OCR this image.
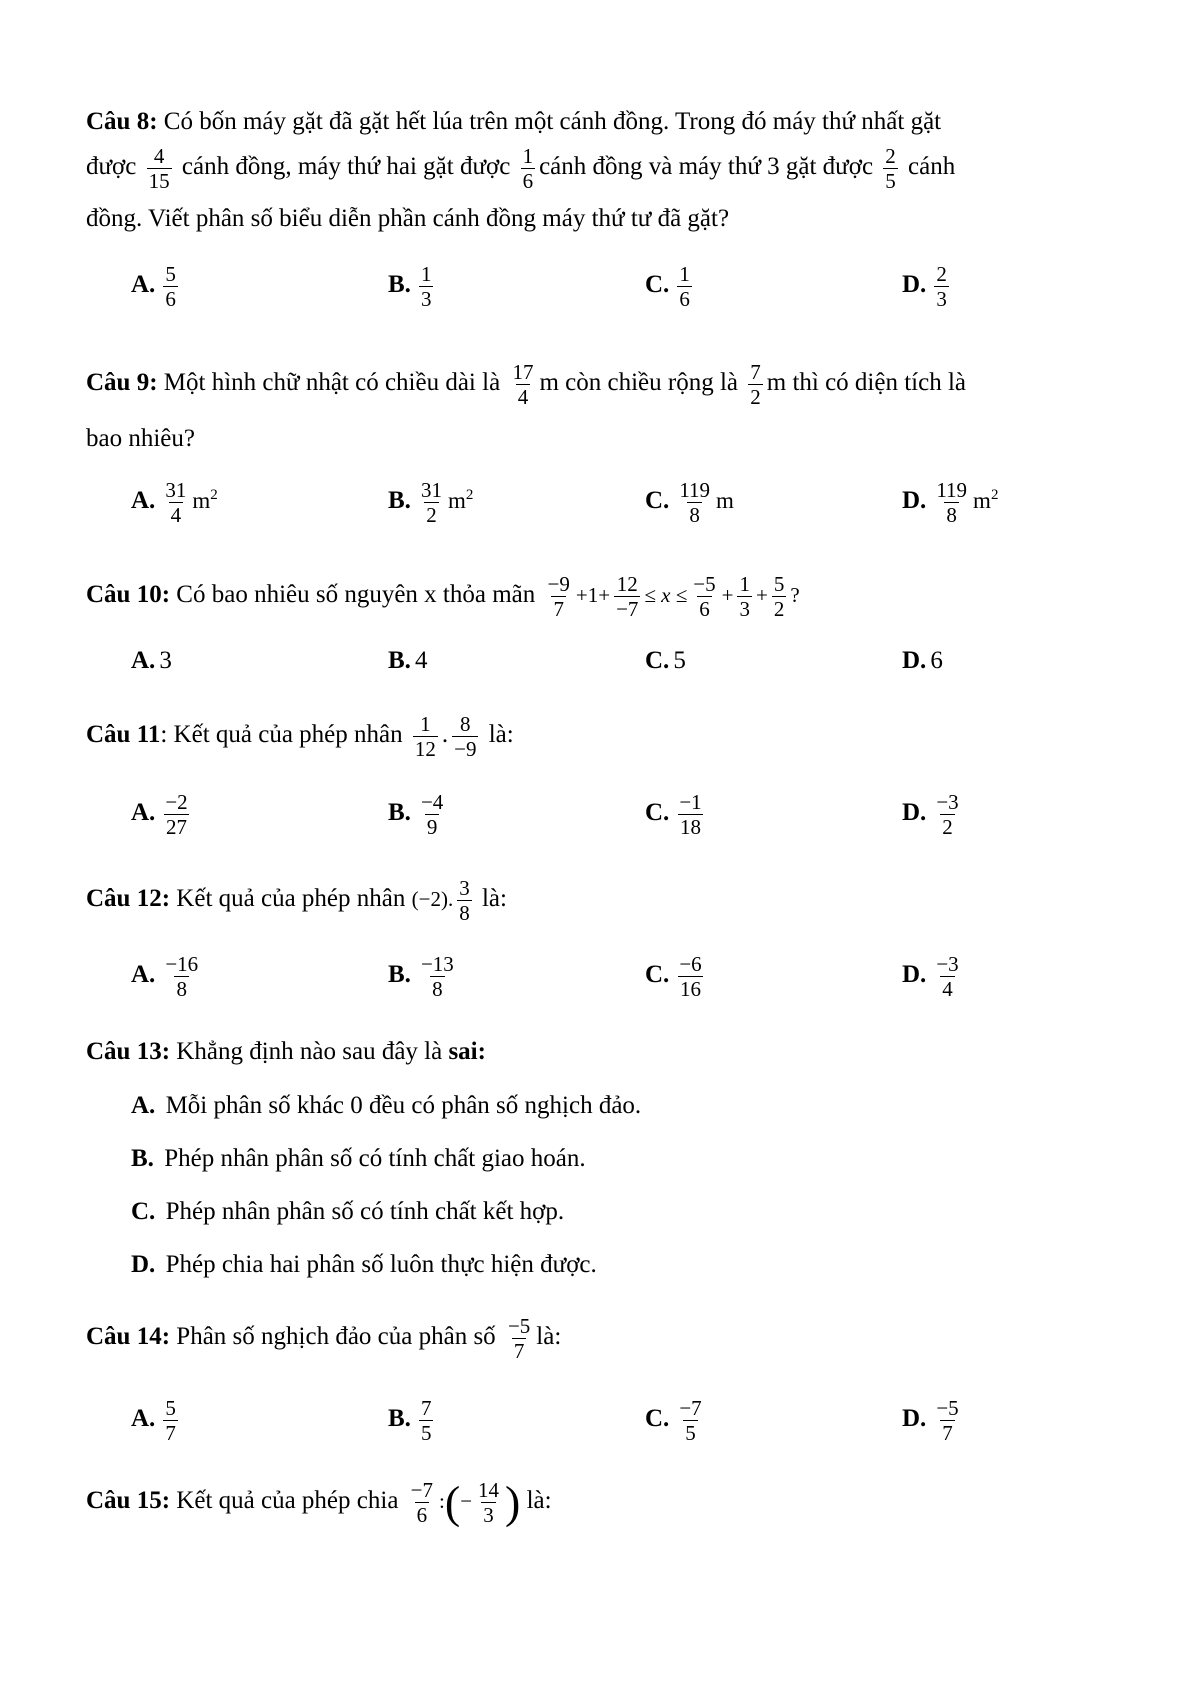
Câu 8: Có bốn máy gặt đã gặt hết lúa trên một cánh đồng. Trong đó máy thứ nhất gặt
được $\frac{4}{15}$ cánh đồng, máy thứ hai gặt được $\frac{1}{6}$ cánh đồng và máy thứ 3 gặt được $\frac{2}{5}$ cánh
đồng. Viết phân số biểu diễn phần cánh đồng máy thứ tư đã gặt?
A. $\frac{5}{6}$	B. $\frac{1}{3}$	C. $\frac{1}{6}$	D. $\frac{2}{3}$
Câu 9: Một hình chữ nhật có chiều dài là $\frac{17}{4}$ m còn chiều rộng là $\frac{7}{2}$ m thì có diện tích là
bao nhiêu?
A. $\frac{31}{4} m^2$	B. $\frac{31}{2} m^2$	C. $\frac{119}{8}$ m	D. $\frac{119}{8} m^2$
Câu 10: Có bao nhiêu số nguyên x thỏa mãn $\frac{-9}{7} +1+ \frac{12}{-7} \le x \le \frac{-5}{6} + \frac{1}{3} + \frac{5}{2}$ ?
A. 3	B. 4	C. 5	D. 6
Câu 11: Kết quả của phép nhân $\frac{1}{12}$ . $\frac{8}{-9}$ là:
A. $\frac{-2}{27}$	B. $\frac{-4}{9}$	C. $\frac{-1}{18}$	D. $\frac{-3}{2}$
Câu 12: Kết quả của phép nhân (−2). $\frac{3}{8}$ là:
A. $\frac{-16}{8}$	B. $\frac{-13}{8}$	C. $\frac{-6}{16}$	D. $\frac{-3}{4}$
Câu 13: Khẳng định nào sau đây là sai:
A. Mỗi phân số khác 0 đều có phân số nghịch đảo.
B. Phép nhân phân số có tính chất giao hoán.
C. Phép nhân phân số có tính chất kết hợp.
D. Phép chia hai phân số luôn thực hiện được.
Câu 14: Phân số nghịch đảo của phân số $\frac{-5}{7}$ là:
A. $\frac{5}{7}$	B. $\frac{7}{5}$	C. $\frac{-7}{5}$	D. $\frac{-5}{7}$
Câu 15: Kết quả của phép chia $\frac{-7}{6}$ :(− $\frac{14}{3}$ ) là:
